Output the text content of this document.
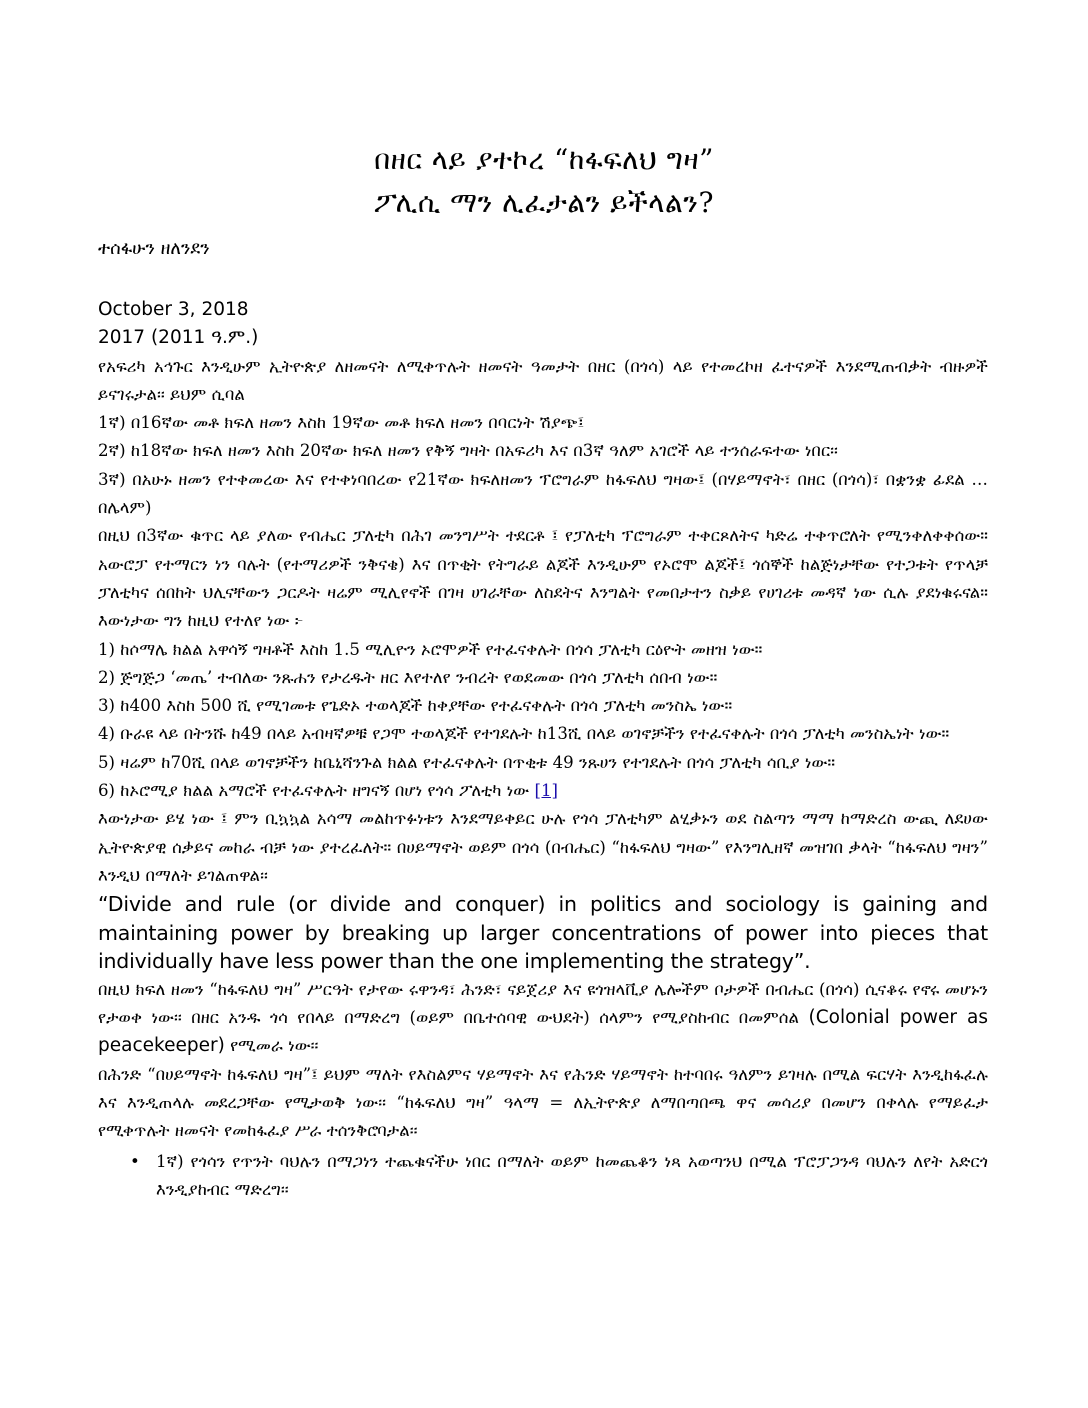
በዘር ላይ ያተኮረ “ከፋፍለህ ግዛ”
ፖሊሲ ማን ሊፈታልን ይችላልን?
ተሰፋሁን ዘለንደን

October 3, 2018

2017 (2011 ዓ.ም.)

የአፍሪካ አኅጉር እንዲሁም ኢትዮጵያ ለዘመናት ለሚቀጥሉት ዘመናት ዓመታት በዘር (በጎሳ) ላይ የተመረኮዘ ፈተናዎች እንደሚጠብቃት ብዙዎች ይናገሩታል፡፡ ይህም ሲባል

1ኛ) በ16ኛው መቶ ክፍለ ዘመን እስከ 19ኛው መቶ ክፍለ ዘመን በባርነት ሽያጭ፤

2ኛ) ከ18ኛው ክፍለ ዘመን እስከ 20ኛው ክፍለ ዘመን የቅኝ ግዛት በአፍሪካ እና በ3ኛ ዓለም አገሮች ላይ ተንሰራፍተው ነበር፡፡

3ኛ) በአሁኑ ዘመን የተቀመረው እና የተቀነባበረው የ21ኛው ክፍለዘመን ፕሮግራም ከፋፍለህ ግዛው፤ (በሃይማኖት፣ በዘር (በጎሳ)፣ በቋንቋ ፊደል … በሌላም)

በዚህ በ3ኛው ቁጥር ላይ ያለው የብሔር ፓለቲካ በሕገ መንግሥት ተደርቶ ፤ የፓለቲካ ፕሮግራም ተቀርጾለትና ካድሬ ተቀጥሮለት የሚንቀለቀቀሰው። አውሮፓ የተማርን ነን ባሉት (የተማሪዎች ንቅናቄ) እና በጥቂት የትግራይ ልጆች እንዲሁም የኦሮሞ ልጆች፤ ጎሰኞች ከልጅነታቸው የተጋቱት የጥላቻ ፓለቲካና ሰበከት ህሊናቸውን ጋርዶት ዛሬም ሚሊየኖች በገዛ ሀገራቸው ለስደትና እንግልት የመበታተን ስቃይ የሀገሪቱ መዳኛ ነው ሲሉ ያደነቁሩናል። እውነታው ግን ከዚህ የተለየ ነው ፦

1) ከሶማሌ ክልል አዋሳኝ ግዛቶች እስከ 1.5 ሚሊዮን ኦሮሞዎች የተፈናቀሉት በጎሳ ፓለቲካ ርዕዮት መዘዝ ነው።

2) ጅግጅጋ ‘መጤ’ ተብለው ንጹሐን የታረዱት ዘር እየተለየ ንብረት የወደመው በጎሳ ፓለቲካ ሰበብ ነው።

3) ከ400 እስከ 500 ሺ የሚገመቱ የጌድኦ ተወላጆች ከቀያቸው የተፈናቀሉት በጎሳ ፓለቲካ መንስኤ ነው።

4) ቡራዩ ላይ በትንሹ ከ49 በላይ አብዛኛዎቹ የጋሞ ተወላጆች የተገደሉት ከ13ሺ በላይ ወገኖቻችን የተፈናቀሉት በጎሳ ፓለቲካ መንስኤነት ነው።

5) ዛሬም ከ70ሺ በላይ ወገኖቻችን ከቤኒሻንጉል ክልል የተፈናቀሉት በጥቂቱ 49 ንጹሀን የተገደሉት በጎሳ ፓለቲካ ሳቢያ ነው።

6) ከኦሮሚያ ክልል አማሮች የተፈናቀሉት ዘግናኝ በሆነ የጎሳ ፖለቲካ ነው [1]

እውነታው ይሄ ነው ፤ ምን ቢኳኳል አሳማ መልከጥፉነቱን እንደማይቀይር ሁሉ የጎሳ ፓለቲካም ልሂቃኑን ወደ ስልጣን ማማ ከማድረስ ውጪ ለደሀው ኢትዮጵያዊ ሰቃይና መከራ ብቻ ነው ያተረፈለት። በሀይማኖት ወይም በጎሳ (በብሔር) “ከፋፍለህ ግዛው” የእንግሊዘኛ መዝገበ ቃላት “ከፋፍለህ ግዛን” እንዲህ በማለት ይገልጠዋል፡፡

“Divide and rule (or divide and conquer) in politics and sociology is gaining and maintaining power by breaking up larger concentrations of power into pieces that individually have less power than the one implementing the strategy”.

በዚህ ክፍለ ዘመን “ከፋፍለህ ግዛ” ሥርዓት የታየው ሩዋንዳ፣ ሕንድ፣ ናይጀሪያ እና ዩጎዝላቪያ ሌሎችም ቦታዎች በብሔር (በጎሳ) ሲናቆሩ የኖሩ መሆኑን የታወቀ ነው፡፡ በዘር አንዱ ጎሳ የበላይ በማድረግ (ወይም በቤተሰባዊ ውህደት) ሰላምን የሚያስከብር በመምሰል (Colonial power as peacekeeper) የሚመራ ነው፡፡

በሕንድ “በሀይማኖት ከፋፍለህ ግዛ”፤ ይህም ማለት የእስልምና ሃይማኖት እና የሕንድ ሃይማኖት ከተባበሩ ዓለምን ይገዛሉ በሚል ፍርሃት እንዲከፋፈሉ እና እንዲጠላሉ መደረጋቸው የሚታወቅ ነው፡፡ “ከፋፍለህ ግዛ” ዓላማ = ለኢትዮጵያ ለማበጣበጫ ዋና መሳሪያ በመሆን በቀላሉ የማይፈታ የሚቀጥሉት ዘመናት የመከፋፈያ ሥራ ተሰንቅሮባታል፡፡

• 1ኛ) የጎሳን የጥንት ባህሉን በማጋነን ተጨቁናችሁ ነበር በማለት ወይም ከመጨቆን ነጻ አወጣንህ በሚል ፕሮፓጋንዳ ባህሉን ለየት አድርጎ እንዲያከብር ማድረግ፡፡
